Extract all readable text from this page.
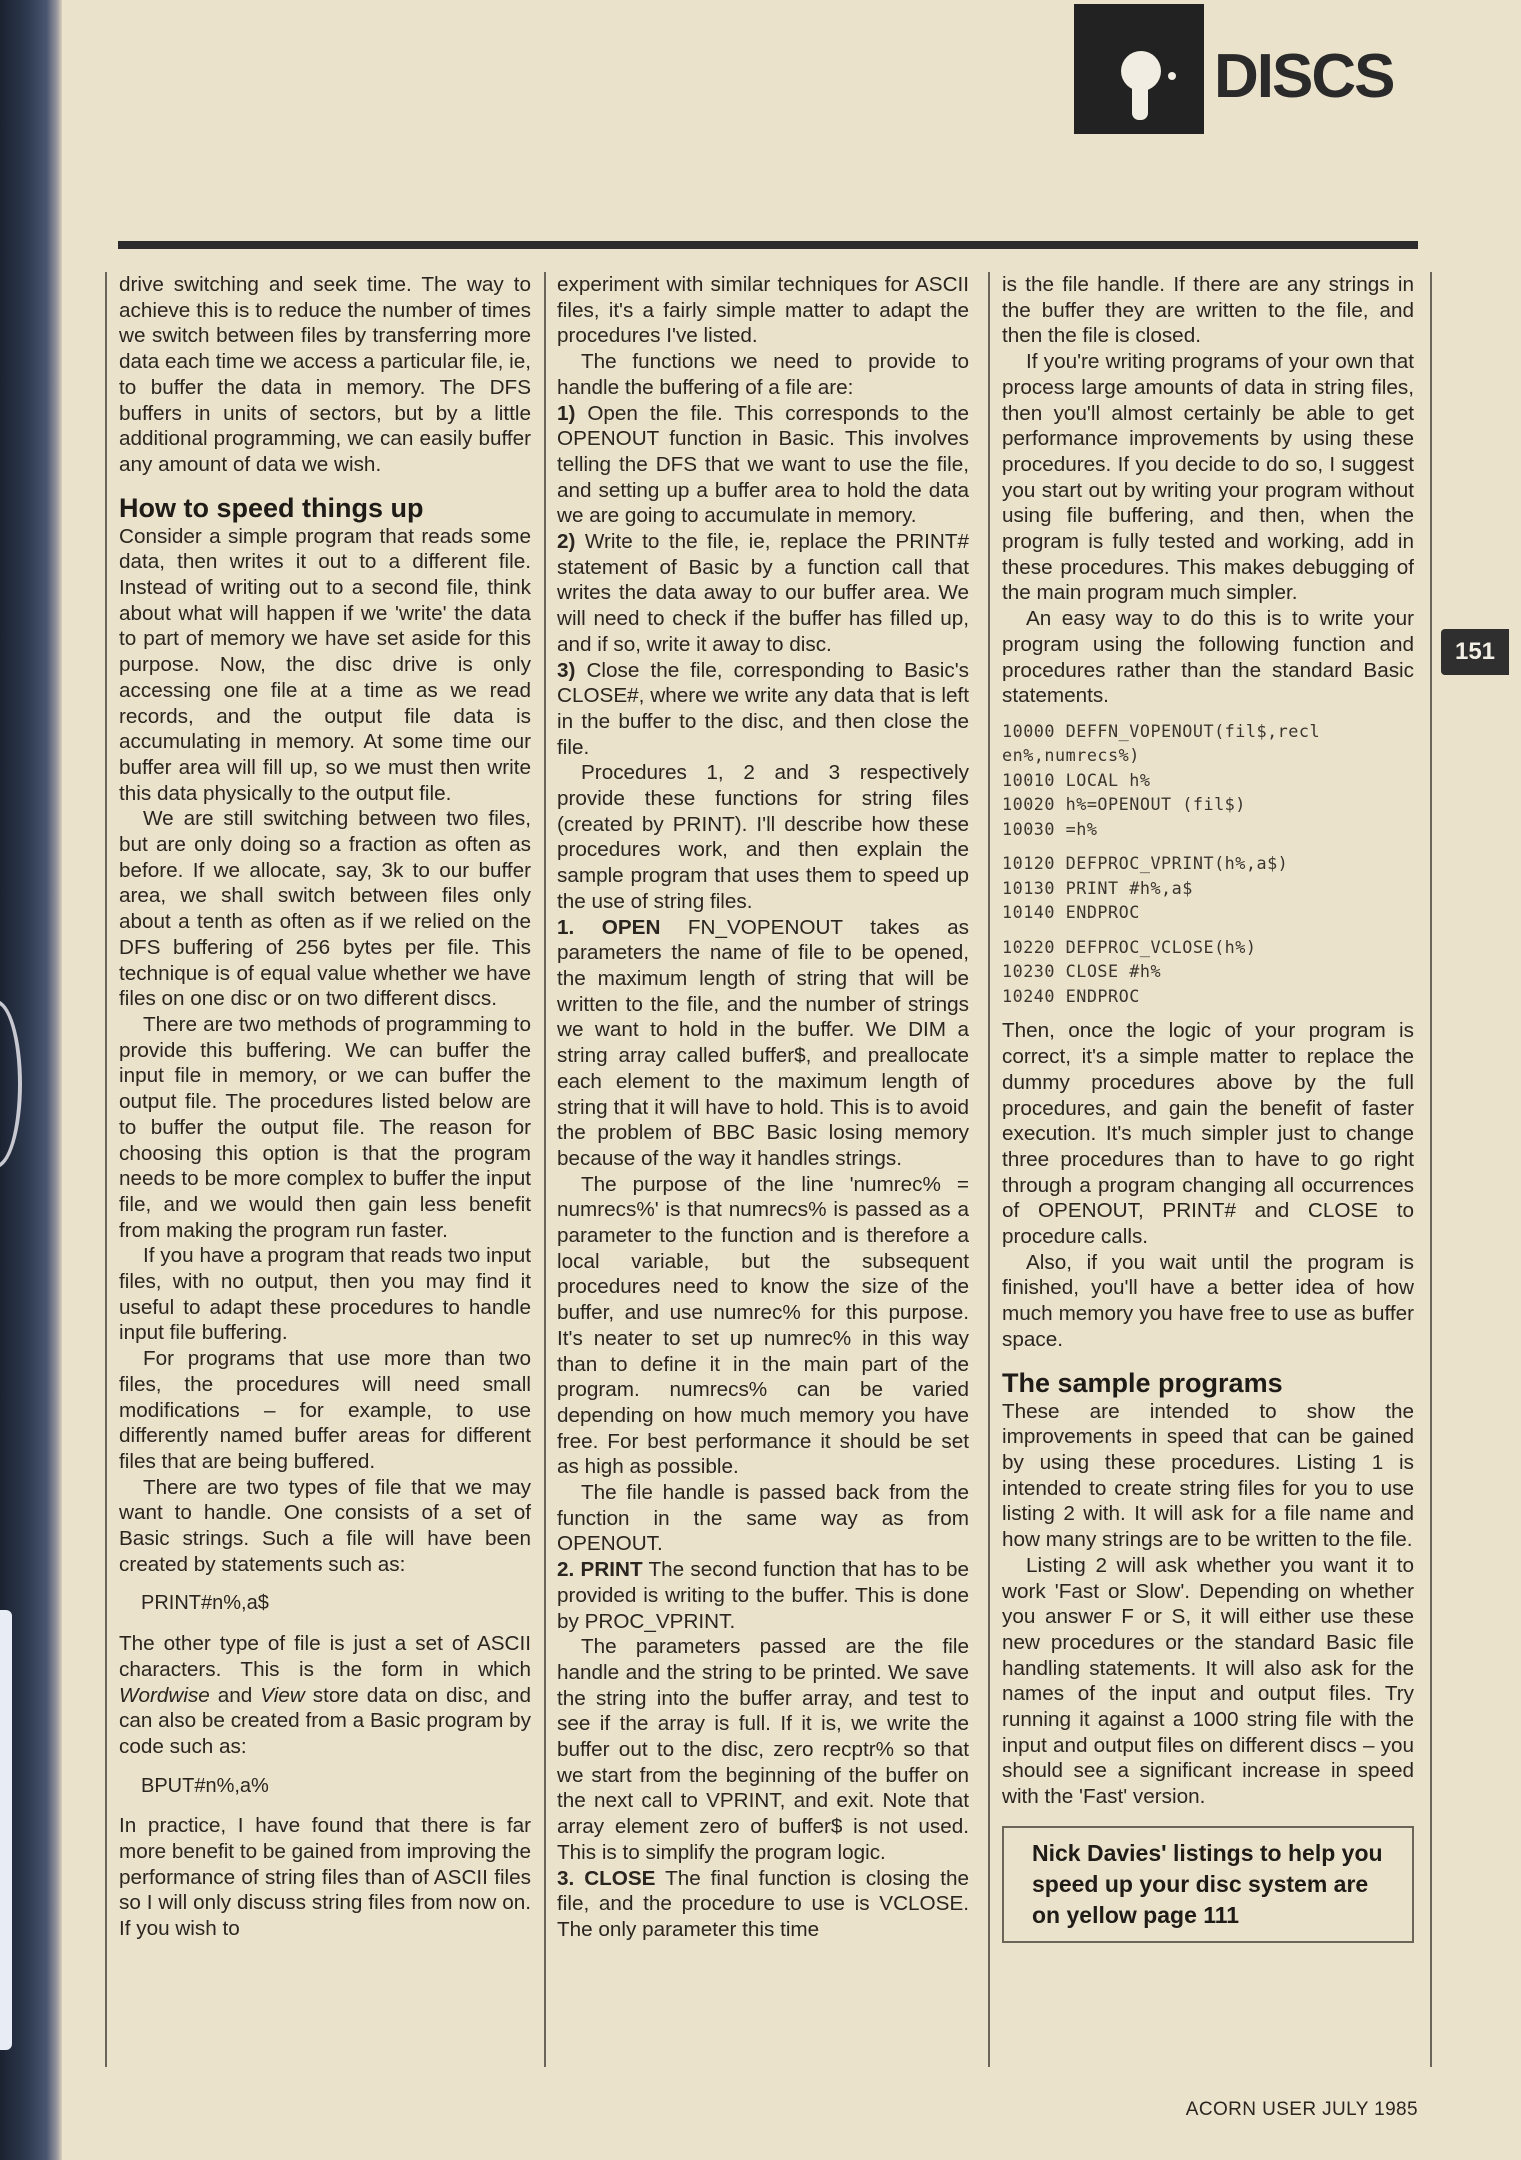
DISCS
151

drive switching and seek time. The way to achieve this is to reduce the number of times we switch between files by transferring more data each time we access a particular file, ie, to buffer the data in memory. The DFS buffers in units of sectors, but by a little additional programming, we can easily buffer any amount of data we wish.

How to speed things up

Consider a simple program that reads some data, then writes it out to a different file. Instead of writing out to a second file, think about what will happen if we 'write' the data to part of memory we have set aside for this purpose. Now, the disc drive is only accessing one file at a time as we read records, and the output file data is accumulating in memory. At some time our buffer area will fill up, so we must then write this data physically to the output file.

We are still switching between two files, but are only doing so a fraction as often as before. If we allocate, say, 3k to our buffer area, we shall switch between files only about a tenth as often as if we relied on the DFS buffering of 256 bytes per file. This technique is of equal value whether we have files on one disc or on two different discs.

There are two methods of programming to provide this buffering. We can buffer the input file in memory, or we can buffer the output file. The procedures listed below are to buffer the output file. The reason for choosing this option is that the program needs to be more complex to buffer the input file, and we would then gain less benefit from making the program run faster.

If you have a program that reads two input files, with no output, then you may find it useful to adapt these procedures to handle input file buffering.

For programs that use more than two files, the procedures will need small modifications – for example, to use differently named buffer areas for different files that are being buffered.

There are two types of file that we may want to handle. One consists of a set of Basic strings. Such a file will have been created by statements such as:

PRINT#n%,a$

The other type of file is just a set of ASCII characters. This is the form in which Wordwise and View store data on disc, and can also be created from a Basic program by code such as:

BPUT#n%,a%

In practice, I have found that there is far more benefit to be gained from improving the performance of string files than of ASCII files so I will only discuss string files from now on. If you wish to

experiment with similar techniques for ASCII files, it's a fairly simple matter to adapt the procedures I've listed.

The functions we need to provide to handle the buffering of a file are:

1) Open the file. This corresponds to the OPENOUT function in Basic. This involves telling the DFS that we want to use the file, and setting up a buffer area to hold the data we are going to accumulate in memory.

2) Write to the file, ie, replace the PRINT# statement of Basic by a function call that writes the data away to our buffer area. We will need to check if the buffer has filled up, and if so, write it away to disc.

3) Close the file, corresponding to Basic's CLOSE#, where we write any data that is left in the buffer to the disc, and then close the file.

Procedures 1, 2 and 3 respectively provide these functions for string files (created by PRINT). I'll describe how these procedures work, and then explain the sample program that uses them to speed up the use of string files.

1. OPEN FN_VOPENOUT takes as parameters the name of file to be opened, the maximum length of string that will be written to the file, and the number of strings we want to hold in the buffer. We DIM a string array called buffer$, and preallocate each element to the maximum length of string that it will have to hold. This is to avoid the problem of BBC Basic losing memory because of the way it handles strings.

The purpose of the line 'numrec% = numrecs%' is that numrecs% is passed as a parameter to the function and is therefore a local variable, but the subsequent procedures need to know the size of the buffer, and use numrec% for this purpose. It's neater to set up numrec% in this way than to define it in the main part of the program. numrecs% can be varied depending on how much memory you have free. For best performance it should be set as high as possible.

The file handle is passed back from the function in the same way as from OPENOUT.

2. PRINT The second function that has to be provided is writing to the buffer. This is done by PROC_VPRINT.

The parameters passed are the file handle and the string to be printed. We save the string into the buffer array, and test to see if the array is full. If it is, we write the buffer out to the disc, zero recptr% so that we start from the beginning of the buffer on the next call to VPRINT, and exit. Note that array element zero of buffer$ is not used. This is to simplify the program logic.

3. CLOSE The final function is closing the file, and the procedure to use is VCLOSE. The only parameter this time

is the file handle. If there are any strings in the buffer they are written to the file, and then the file is closed.

If you're writing programs of your own that process large amounts of data in string files, then you'll almost certainly be able to get performance improvements by using these procedures. If you decide to do so, I suggest you start out by writing your program without using file buffering, and then, when the program is fully tested and working, add in these procedures. This makes debugging of the main program much simpler.

An easy way to do this is to write your program using the following function and procedures rather than the standard Basic statements.

10000 DEFFN_VOPENOUT(fil$,recl
en%,numrecs%)
10010 LOCAL h%
10020 h%=OPENOUT (fil$)
10030 =h%
10120 DEFPROC_VPRINT(h%,a$)
10130 PRINT #h%,a$
10140 ENDPROC
10220 DEFPROC_VCLOSE(h%)
10230 CLOSE #h%
10240 ENDPROC

Then, once the logic of your program is correct, it's a simple matter to replace the dummy procedures above by the full procedures, and gain the benefit of faster execution. It's much simpler just to change three procedures than to have to go right through a program changing all occurrences of OPENOUT, PRINT# and CLOSE to procedure calls.

Also, if you wait until the program is finished, you'll have a better idea of how much memory you have free to use as buffer space.

The sample programs

These are intended to show the improvements in speed that can be gained by using these procedures. Listing 1 is intended to create string files for you to use listing 2 with. It will ask for a file name and how many strings are to be written to the file.

Listing 2 will ask whether you want it to work 'Fast or Slow'. Depending on whether you answer F or S, it will either use these new procedures or the standard Basic file handling statements. It will also ask for the names of the input and output files. Try running it against a 1000 string file with the input and output files on different discs – you should see a significant increase in speed with the 'Fast' version.

Nick Davies' listings to help you speed up your disc system are on yellow page 111
ACORN USER JULY 1985
